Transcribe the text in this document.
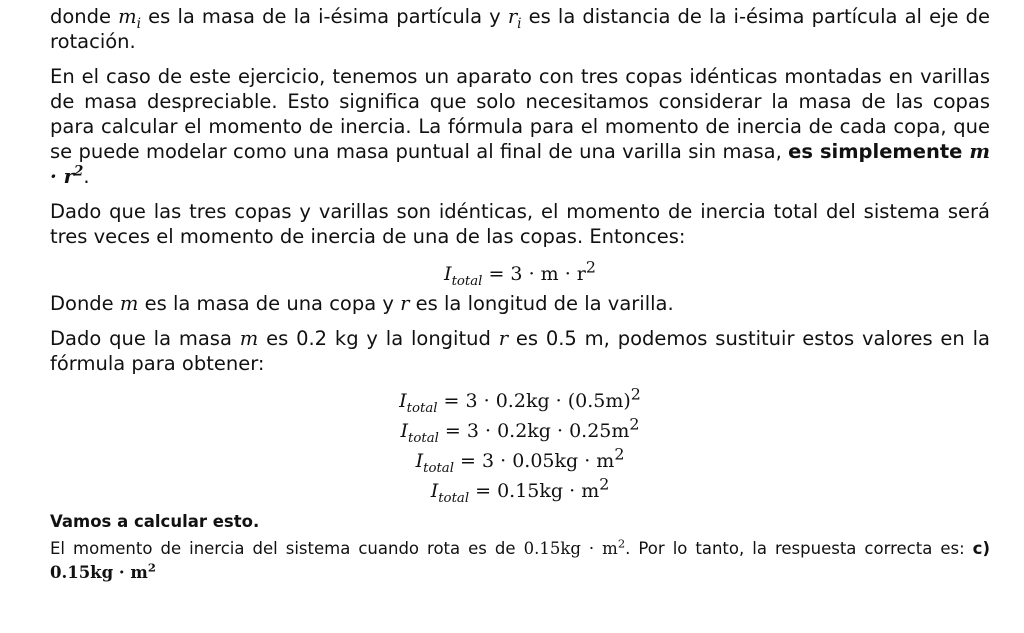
donde $m_i$ es la masa de la i-ésima partícula y $r_i$ es la distancia de la i-ésima partícula al eje de rotación.

En el caso de este ejercicio, tenemos un aparato con tres copas idénticas montadas en varillas de masa despreciable. Esto significa que solo necesitamos considerar la masa de las copas para calcular el momento de inercia. La fórmula para el momento de inercia de cada copa, que se puede modelar como una masa puntual al final de una varilla sin masa, es simplemente $m \cdot r^2$.

Dado que las tres copas y varillas son idénticas, el momento de inercia total del sistema será tres veces el momento de inercia de una de las copas. Entonces:

$I_{total} = 3 \cdot m \cdot r^2$

Donde m es la masa de una copa y r es la longitud de la varilla.

Dado que la masa m es 0.2 kg y la longitud r es 0.5 m, podemos sustituir estos valores en la fórmula para obtener:

$I_{total} = 3 \cdot 0.2kg \cdot (0.5m)^2$
$I_{total} = 3 \cdot 0.2kg \cdot 0.25m^2$
$I_{total} = 3 \cdot 0.05kg \cdot m^2$
$I_{total} = 0.15kg \cdot m^2$

Vamos a calcular esto.

El momento de inercia del sistema cuando rota es de $0.15kg \cdot m^2$. Por lo tanto, la respuesta correcta es: c) $0.15kg \cdot m^2$
